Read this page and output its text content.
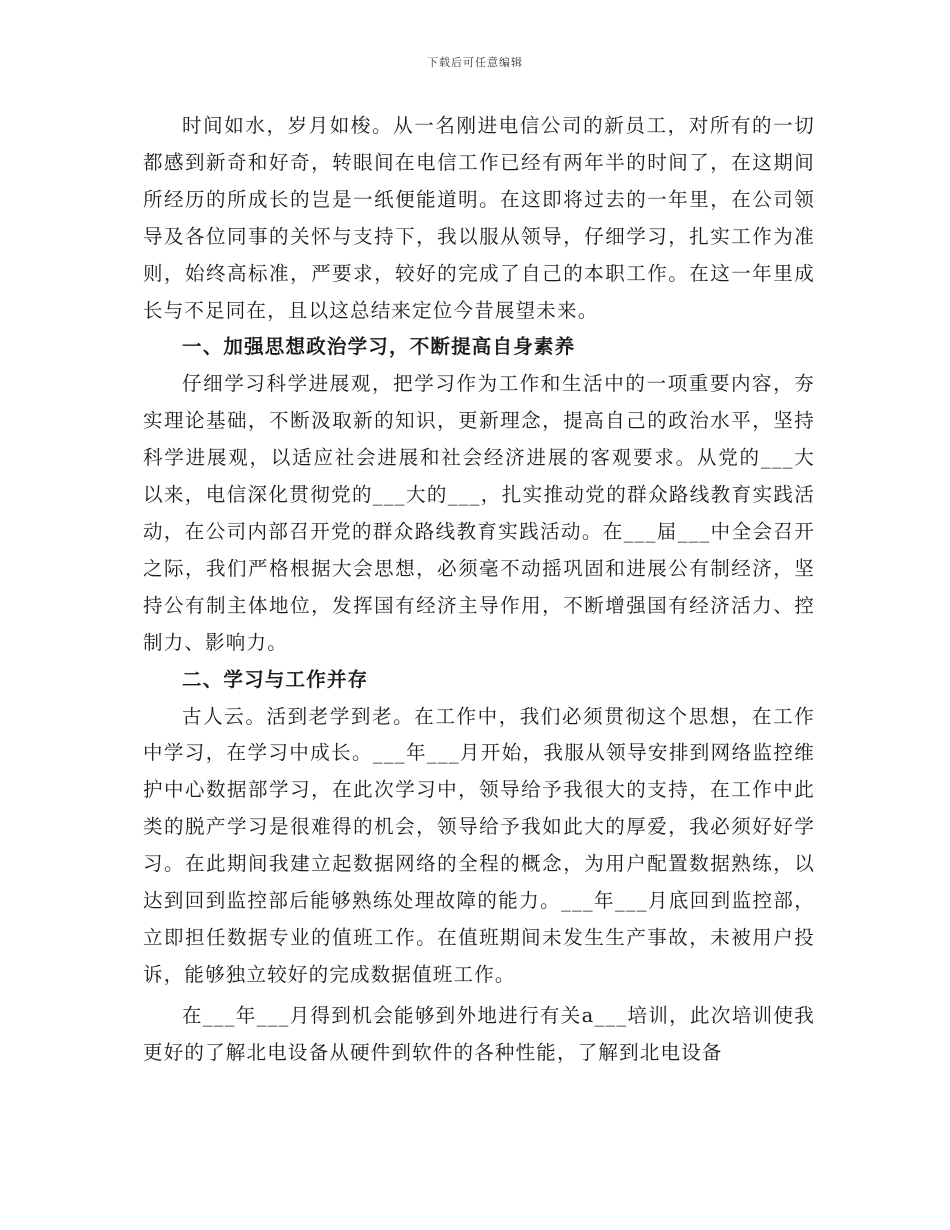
下载后可任意编辑

时间如水，岁月如梭。从一名刚进电信公司的新员工，对所有的一切都感到新奇和好奇，转眼间在电信工作已经有两年半的时间了，在这期间所经历的所成长的岂是一纸便能道明。在这即将过去的一年里，在公司领导及各位同事的关怀与支持下，我以服从领导，仔细学习，扎实工作为准则，始终高标准，严要求，较好的完成了自己的本职工作。在这一年里成长与不足同在，且以这总结来定位今昔展望未来。

一、加强思想政治学习，不断提高自身素养

仔细学习科学进展观，把学习作为工作和生活中的一项重要内容，夯实理论基础，不断汲取新的知识，更新理念，提高自己的政治水平，坚持科学进展观，以适应社会进展和社会经济进展的客观要求。从党的___大以来，电信深化贯彻党的___大的___，扎实推动党的群众路线教育实践活动，在公司内部召开党的群众路线教育实践活动。在___届___中全会召开之际，我们严格根据大会思想，必须毫不动摇巩固和进展公有制经济，坚持公有制主体地位，发挥国有经济主导作用，不断增强国有经济活力、控制力、影响力。

二、学习与工作并存

古人云。活到老学到老。在工作中，我们必须贯彻这个思想，在工作中学习，在学习中成长。___年___月开始，我服从领导安排到网络监控维护中心数据部学习，在此次学习中，领导给予我很大的支持，在工作中此类的脱产学习是很难得的机会，领导给予我如此大的厚爱，我必须好好学习。在此期间我建立起数据网络的全程的概念，为用户配置数据熟练，以达到回到监控部后能够熟练处理故障的能力。___年___月底回到监控部，立即担任数据专业的值班工作。在值班期间未发生生产事故，未被用户投诉，能够独立较好的完成数据值班工作。

在___年___月得到机会能够到外地进行有关a___培训，此次培训使我更好的了解北电设备从硬件到软件的各种性能，了解到北电设备
